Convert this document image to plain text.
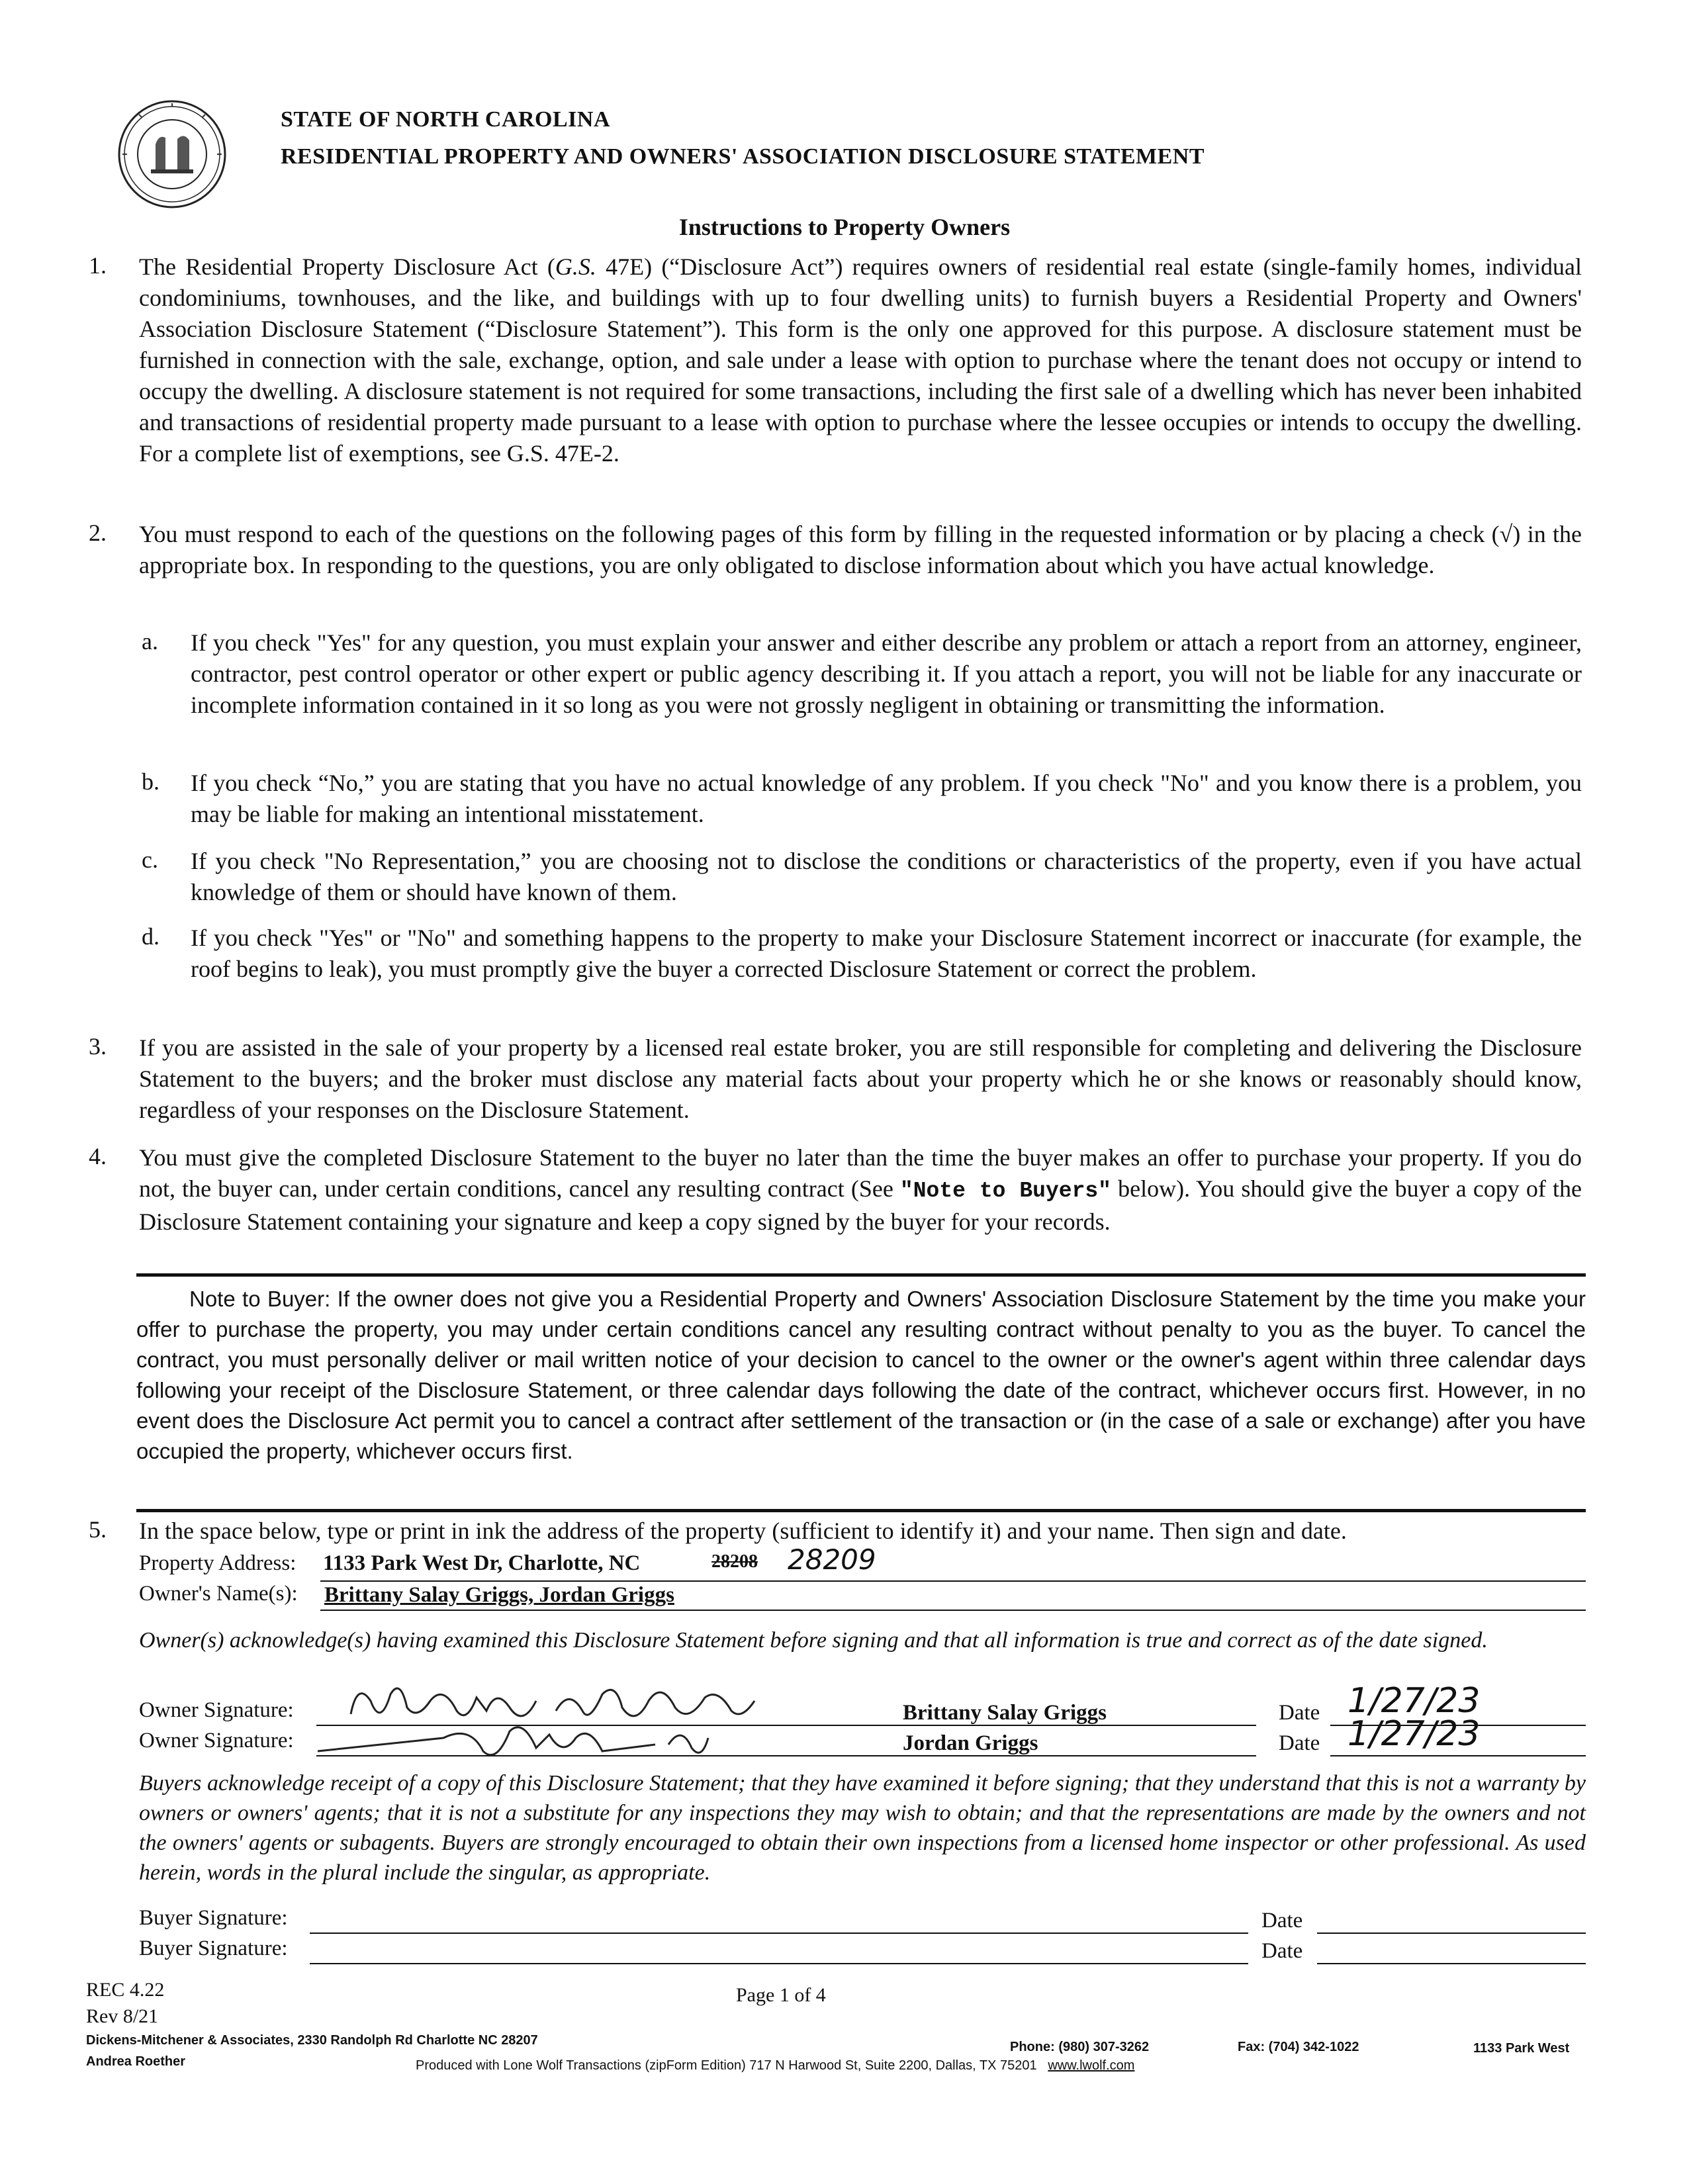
STATE OF NORTH CAROLINA
RESIDENTIAL PROPERTY AND OWNERS' ASSOCIATION DISCLOSURE STATEMENT
Instructions to Property Owners
1. The Residential Property Disclosure Act (G.S. 47E) (“Disclosure Act”) requires owners of residential real estate (single-family homes, individual condominiums, townhouses, and the like, and buildings with up to four dwelling units) to furnish buyers a Residential Property and Owners' Association Disclosure Statement (“Disclosure Statement”). This form is the only one approved for this purpose. A disclosure statement must be furnished in connection with the sale, exchange, option, and sale under a lease with option to purchase where the tenant does not occupy or intend to occupy the dwelling. A disclosure statement is not required for some transactions, including the first sale of a dwelling which has never been inhabited and transactions of residential property made pursuant to a lease with option to purchase where the lessee occupies or intends to occupy the dwelling. For a complete list of exemptions, see G.S. 47E-2.
2. You must respond to each of the questions on the following pages of this form by filling in the requested information or by placing a check (√) in the appropriate box. In responding to the questions, you are only obligated to disclose information about which you have actual knowledge.
a. If you check "Yes" for any question, you must explain your answer and either describe any problem or attach a report from an attorney, engineer, contractor, pest control operator or other expert or public agency describing it. If you attach a report, you will not be liable for any inaccurate or incomplete information contained in it so long as you were not grossly negligent in obtaining or transmitting the information.
b. If you check “No,” you are stating that you have no actual knowledge of any problem. If you check "No" and you know there is a problem, you may be liable for making an intentional misstatement.
c. If you check "No Representation,” you are choosing not to disclose the conditions or characteristics of the property, even if you have actual knowledge of them or should have known of them.
d. If you check "Yes" or "No" and something happens to the property to make your Disclosure Statement incorrect or inaccurate (for example, the roof begins to leak), you must promptly give the buyer a corrected Disclosure Statement or correct the problem.
3. If you are assisted in the sale of your property by a licensed real estate broker, you are still responsible for completing and delivering the Disclosure Statement to the buyers; and the broker must disclose any material facts about your property which he or she knows or reasonably should know, regardless of your responses on the Disclosure Statement.
4. You must give the completed Disclosure Statement to the buyer no later than the time the buyer makes an offer to purchase your property. If you do not, the buyer can, under certain conditions, cancel any resulting contract (See "Note to Buyers" below). You should give the buyer a copy of the Disclosure Statement containing your signature and keep a copy signed by the buyer for your records.
Note to Buyer: If the owner does not give you a Residential Property and Owners' Association Disclosure Statement by the time you make your offer to purchase the property, you may under certain conditions cancel any resulting contract without penalty to you as the buyer. To cancel the contract, you must personally deliver or mail written notice of your decision to cancel to the owner or the owner's agent within three calendar days following your receipt of the Disclosure Statement, or three calendar days following the date of the contract, whichever occurs first. However, in no event does the Disclosure Act permit you to cancel a contract after settlement of the transaction or (in the case of a sale or exchange) after you have occupied the property, whichever occurs first.
5. In the space below, type or print in ink the address of the property (sufficient to identify it) and your name. Then sign and date.
Property Address: 1133 Park West Dr, Charlotte, NC	28208 28209
Owner's Name(s): Brittany Salay Griggs, Jordan Griggs
Owner(s) acknowledge(s) having examined this Disclosure Statement before signing and that all information is true and correct as of the date signed.
Owner Signature:	Brittany Salay Griggs	Date 1/27/23
Owner Signature:	Jordan Griggs	Date 1/27/23
Buyers acknowledge receipt of a copy of this Disclosure Statement; that they have examined it before signing; that they understand that this is not a warranty by owners or owners' agents; that it is not a substitute for any inspections they may wish to obtain; and that the representations are made by the owners and not the owners' agents or subagents. Buyers are strongly encouraged to obtain their own inspections from a licensed home inspector or other professional. As used herein, words in the plural include the singular, as appropriate.
Buyer Signature:	Date
Buyer Signature:	Date
REC 4.22
Rev 8/21
Page 1 of 4
Dickens-Mitchener & Associates, 2330 Randolph Rd Charlotte NC 28207
Andrea Roether
Phone: (980) 307-3262	Fax: (704) 342-1022	1133 Park West
Produced with Lone Wolf Transactions (zipForm Edition) 717 N Harwood St, Suite 2200, Dallas, TX 75201 www.lwolf.com
